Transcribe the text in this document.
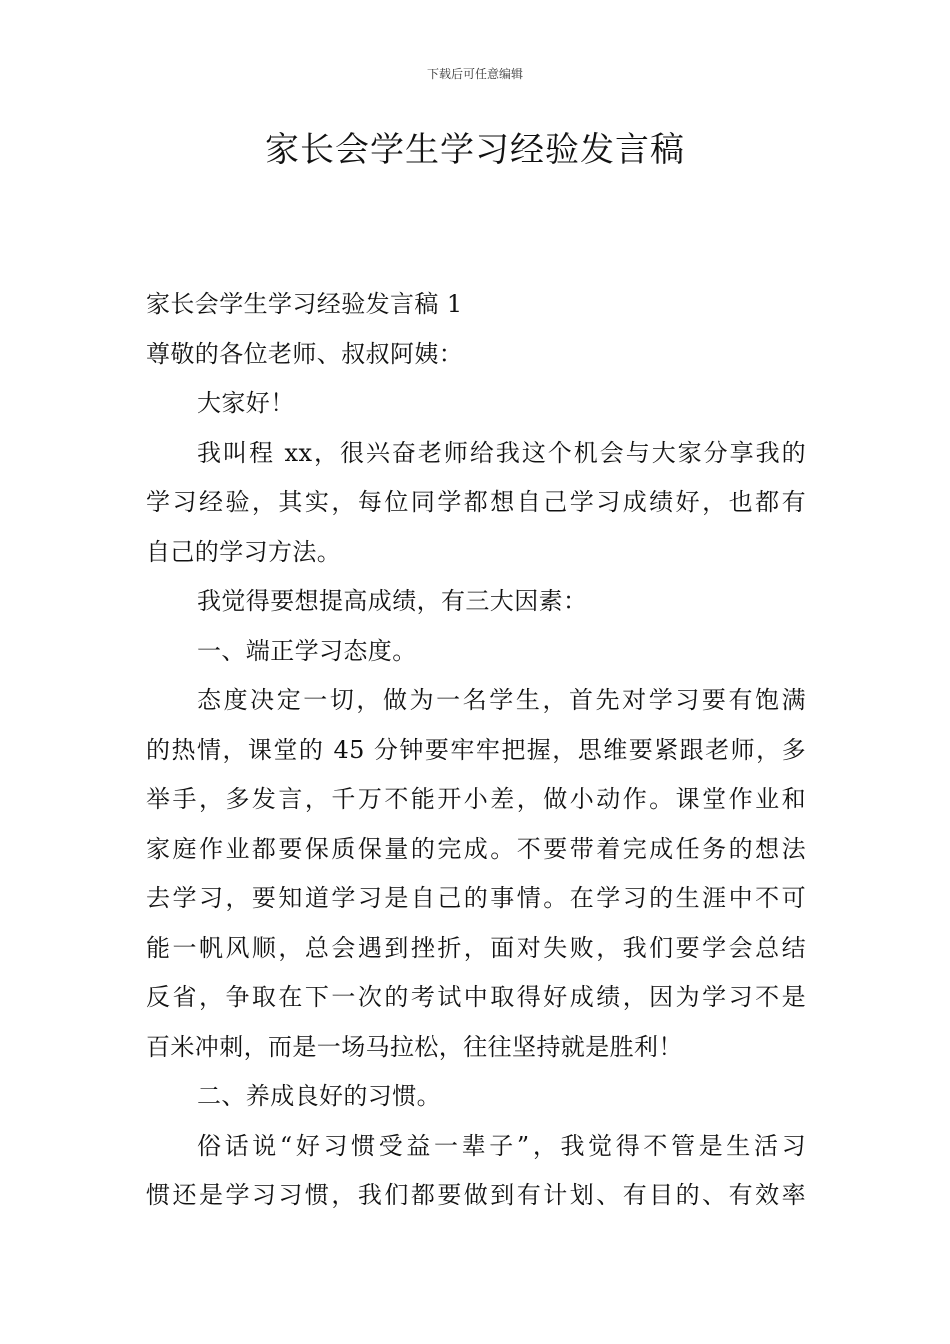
下载后可任意编辑
家长会学生学习经验发言稿
家长会学生学习经验发言稿 1
尊敬的各位老师、叔叔阿姨：
大家好！
我叫程 xx，很兴奋老师给我这个机会与大家分享我的
学习经验，其实，每位同学都想自己学习成绩好，也都有
自己的学习方法。
我觉得要想提高成绩，有三大因素：
一、端正学习态度。
态度决定一切，做为一名学生，首先对学习要有饱满
的热情，课堂的 45 分钟要牢牢把握，思维要紧跟老师，多
举手，多发言，千万不能开小差，做小动作。课堂作业和
家庭作业都要保质保量的完成。不要带着完成任务的想法
去学习，要知道学习是自己的事情。在学习的生涯中不可
能一帆风顺，总会遇到挫折，面对失败，我们要学会总结
反省，争取在下一次的考试中取得好成绩，因为学习不是
百米冲刺，而是一场马拉松，往往坚持就是胜利！
二、养成良好的习惯。
俗话说“好习惯受益一辈子”，我觉得不管是生活习
惯还是学习习惯，我们都要做到有计划、有目的、有效率
